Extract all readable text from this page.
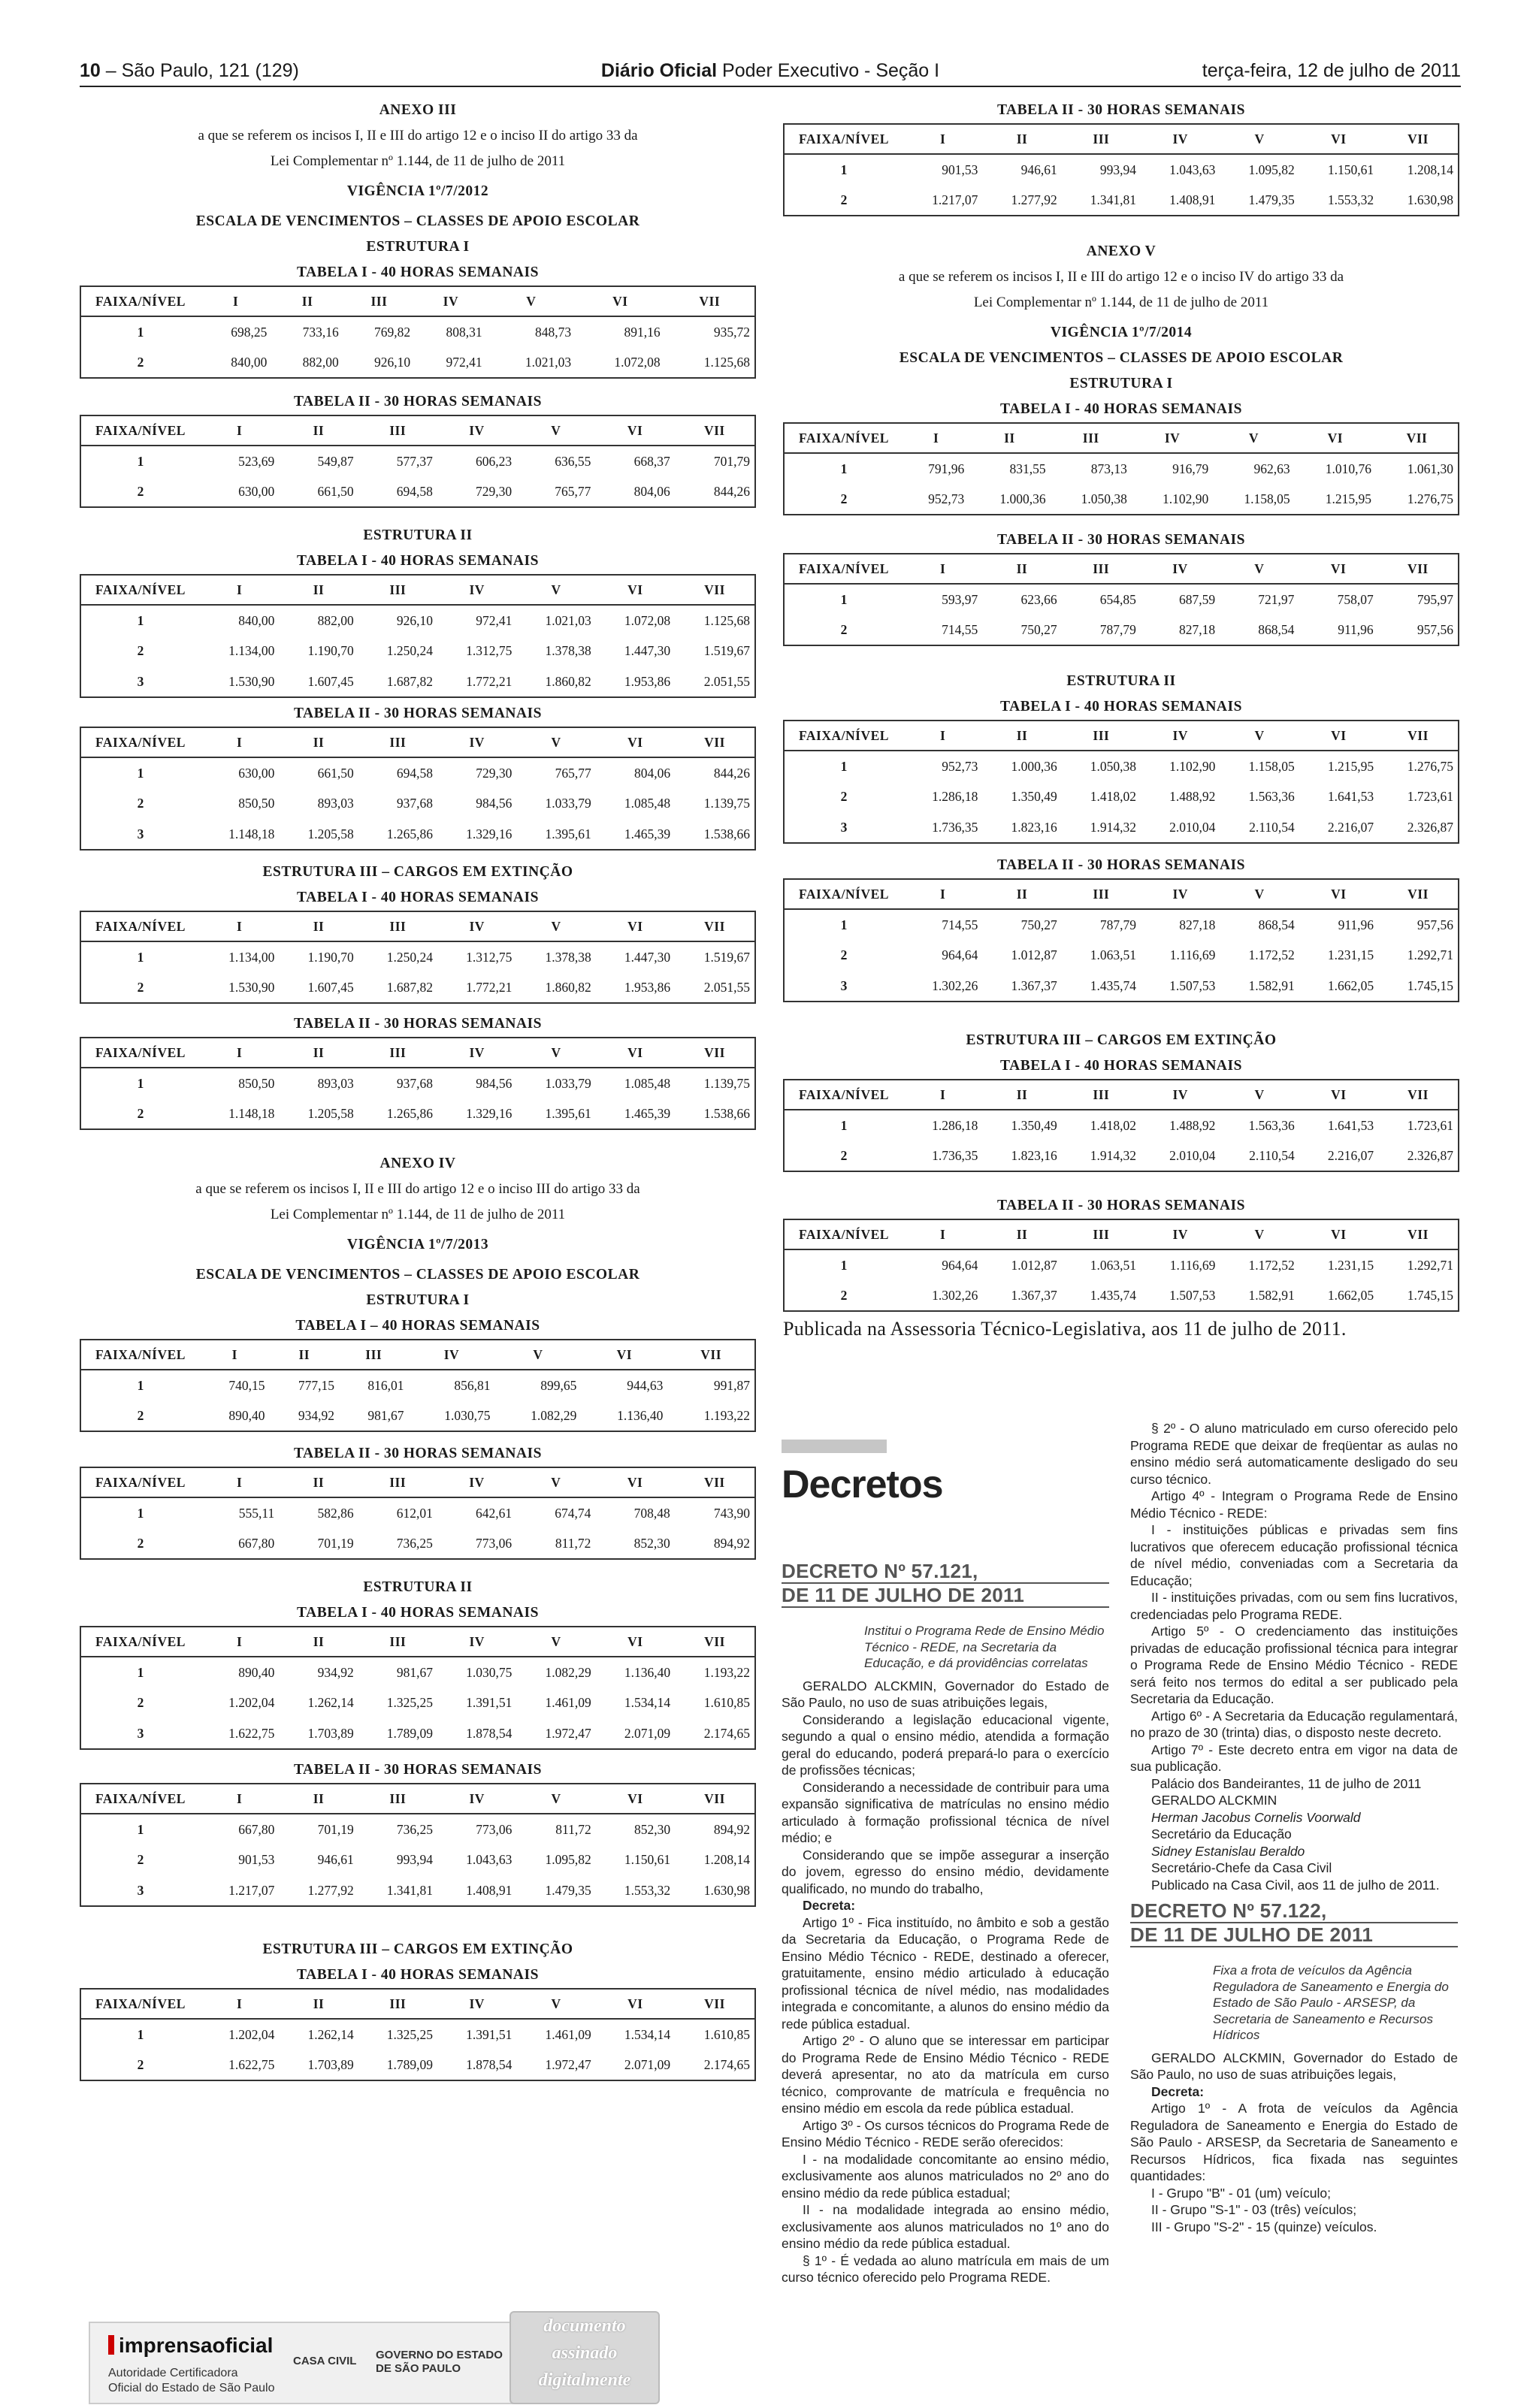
10 – São Paulo, 121 (129)	Diário Oficial Poder Executivo - Seção I	terça-feira, 12 de julho de 2011
ANEXO III
a que se referem os incisos I, II e III do artigo 12 e o inciso II do artigo 33 da
Lei Complementar nº 1.144, de 11 de julho de 2011
VIGÊNCIA 1º/7/2012
ESCALA DE VENCIMENTOS – CLASSES DE APOIO ESCOLAR
ESTRUTURA I
TABELA I - 40 HORAS SEMANAIS
FAIXA/NÍVEL	I	II	III	IV	V	VI	VII
1	698,25	733,16	769,82	808,31	848,73	891,16	935,72
2	840,00	882,00	926,10	972,41	1.021,03	1.072,08	1.125,68
TABELA II - 30 HORAS SEMANAIS
FAIXA/NÍVEL	I	II	III	IV	V	VI	VII
1	523,69	549,87	577,37	606,23	636,55	668,37	701,79
2	630,00	661,50	694,58	729,30	765,77	804,06	844,26
ESTRUTURA II
TABELA I - 40 HORAS SEMANAIS
FAIXA/NÍVEL	I	II	III	IV	V	VI	VII
1	840,00	882,00	926,10	972,41	1.021,03	1.072,08	1.125,68
2	1.134,00	1.190,70	1.250,24	1.312,75	1.378,38	1.447,30	1.519,67
3	1.530,90	1.607,45	1.687,82	1.772,21	1.860,82	1.953,86	2.051,55
TABELA II - 30 HORAS SEMANAIS
FAIXA/NÍVEL	I	II	III	IV	V	VI	VII
1	630,00	661,50	694,58	729,30	765,77	804,06	844,26
2	850,50	893,03	937,68	984,56	1.033,79	1.085,48	1.139,75
3	1.148,18	1.205,58	1.265,86	1.329,16	1.395,61	1.465,39	1.538,66
ESTRUTURA III – CARGOS EM EXTINÇÃO
TABELA I - 40 HORAS SEMANAIS
FAIXA/NÍVEL	I	II	III	IV	V	VI	VII
1	1.134,00	1.190,70	1.250,24	1.312,75	1.378,38	1.447,30	1.519,67
2	1.530,90	1.607,45	1.687,82	1.772,21	1.860,82	1.953,86	2.051,55
TABELA II - 30 HORAS SEMANAIS
FAIXA/NÍVEL	I	II	III	IV	V	VI	VII
1	850,50	893,03	937,68	984,56	1.033,79	1.085,48	1.139,75
2	1.148,18	1.205,58	1.265,86	1.329,16	1.395,61	1.465,39	1.538,66
ANEXO IV
a que se referem os incisos I, II e III do artigo 12 e o inciso III do artigo 33 da
Lei Complementar nº 1.144, de 11 de julho de 2011
VIGÊNCIA 1º/7/2013
ESCALA DE VENCIMENTOS – CLASSES DE APOIO ESCOLAR
ESTRUTURA I
TABELA I – 40 HORAS SEMANAIS
FAIXA/NÍVEL	I	II	III	IV	V	VI	VII
1	740,15	777,15	816,01	856,81	899,65	944,63	991,87
2	890,40	934,92	981,67	1.030,75	1.082,29	1.136,40	1.193,22
TABELA II - 30 HORAS SEMANAIS
FAIXA/NÍVEL	I	II	III	IV	V	VI	VII
1	555,11	582,86	612,01	642,61	674,74	708,48	743,90
2	667,80	701,19	736,25	773,06	811,72	852,30	894,92
ESTRUTURA II
TABELA I - 40 HORAS SEMANAIS
FAIXA/NÍVEL	I	II	III	IV	V	VI	VII
1	890,40	934,92	981,67	1.030,75	1.082,29	1.136,40	1.193,22
2	1.202,04	1.262,14	1.325,25	1.391,51	1.461,09	1.534,14	1.610,85
3	1.622,75	1.703,89	1.789,09	1.878,54	1.972,47	2.071,09	2.174,65
TABELA II - 30 HORAS SEMANAIS
FAIXA/NÍVEL	I	II	III	IV	V	VI	VII
1	667,80	701,19	736,25	773,06	811,72	852,30	894,92
2	901,53	946,61	993,94	1.043,63	1.095,82	1.150,61	1.208,14
3	1.217,07	1.277,92	1.341,81	1.408,91	1.479,35	1.553,32	1.630,98
ESTRUTURA III – CARGOS EM EXTINÇÃO
TABELA I - 40 HORAS SEMANAIS
FAIXA/NÍVEL	I	II	III	IV	V	VI	VII
1	1.202,04	1.262,14	1.325,25	1.391,51	1.461,09	1.534,14	1.610,85
2	1.622,75	1.703,89	1.789,09	1.878,54	1.972,47	2.071,09	2.174,65
TABELA II - 30 HORAS SEMANAIS
FAIXA/NÍVEL	I	II	III	IV	V	VI	VII
1	901,53	946,61	993,94	1.043,63	1.095,82	1.150,61	1.208,14
2	1.217,07	1.277,92	1.341,81	1.408,91	1.479,35	1.553,32	1.630,98
ANEXO V
a que se referem os incisos I, II e III do artigo 12 e o inciso IV do artigo 33 da
Lei Complementar nº 1.144, de 11 de julho de 2011
VIGÊNCIA 1º/7/2014
ESCALA DE VENCIMENTOS – CLASSES DE APOIO ESCOLAR
ESTRUTURA I
TABELA I - 40 HORAS SEMANAIS
FAIXA/NÍVEL	I	II	III	IV	V	VI	VII
1	791,96	831,55	873,13	916,79	962,63	1.010,76	1.061,30
2	952,73	1.000,36	1.050,38	1.102,90	1.158,05	1.215,95	1.276,75
TABELA II - 30 HORAS SEMANAIS
FAIXA/NÍVEL	I	II	III	IV	V	VI	VII
1	593,97	623,66	654,85	687,59	721,97	758,07	795,97
2	714,55	750,27	787,79	827,18	868,54	911,96	957,56
ESTRUTURA II
TABELA I - 40 HORAS SEMANAIS
FAIXA/NÍVEL	I	II	III	IV	V	VI	VII
1	952,73	1.000,36	1.050,38	1.102,90	1.158,05	1.215,95	1.276,75
2	1.286,18	1.350,49	1.418,02	1.488,92	1.563,36	1.641,53	1.723,61
3	1.736,35	1.823,16	1.914,32	2.010,04	2.110,54	2.216,07	2.326,87
TABELA II - 30 HORAS SEMANAIS
FAIXA/NÍVEL	I	II	III	IV	V	VI	VII
1	714,55	750,27	787,79	827,18	868,54	911,96	957,56
2	964,64	1.012,87	1.063,51	1.116,69	1.172,52	1.231,15	1.292,71
3	1.302,26	1.367,37	1.435,74	1.507,53	1.582,91	1.662,05	1.745,15
ESTRUTURA III – CARGOS EM EXTINÇÃO
TABELA I - 40 HORAS SEMANAIS
FAIXA/NÍVEL	I	II	III	IV	V	VI	VII
1	1.286,18	1.350,49	1.418,02	1.488,92	1.563,36	1.641,53	1.723,61
2	1.736,35	1.823,16	1.914,32	2.010,04	2.110,54	2.216,07	2.326,87
TABELA II - 30 HORAS SEMANAIS
FAIXA/NÍVEL	I	II	III	IV	V	VI	VII
1	964,64	1.012,87	1.063,51	1.116,69	1.172,52	1.231,15	1.292,71
2	1.302,26	1.367,37	1.435,74	1.507,53	1.582,91	1.662,05	1.745,15
Publicada na Assessoria Técnico-Legislativa, aos 11 de julho de 2011.
Decretos
DECRETO Nº 57.121,
DE 11 DE JULHO DE 2011
Institui o Programa Rede de Ensino Médio Técnico - REDE, na Secretaria da Educação, e dá providências correlatas
GERALDO ALCKMIN, Governador do Estado de São Paulo, no uso de suas atribuições legais,
Considerando a legislação educacional vigente, segundo a qual o ensino médio, atendida a formação geral do educando, poderá prepará-lo para o exercício de profissões técnicas;
Considerando a necessidade de contribuir para uma expansão significativa de matrículas no ensino médio articulado à formação profissional técnica de nível médio; e
Considerando que se impõe assegurar a inserção do jovem, egresso do ensino médio, devidamente qualificado, no mundo do trabalho,
Decreta:
Artigo 1º - Fica instituído, no âmbito e sob a gestão da Secretaria da Educação, o Programa Rede de Ensino Médio Técnico - REDE, destinado a oferecer, gratuitamente, ensino médio articulado à educação profissional técnica de nível médio, nas modalidades integrada e concomitante, a alunos do ensino médio da rede pública estadual.
Artigo 2º - O aluno que se interessar em participar do Programa Rede de Ensino Médio Técnico - REDE deverá apresentar, no ato da matrícula em curso técnico, comprovante de matrícula e frequência no ensino médio em escola da rede pública estadual.
Artigo 3º - Os cursos técnicos do Programa Rede de Ensino Médio Técnico - REDE serão oferecidos:
I - na modalidade concomitante ao ensino médio, exclusivamente aos alunos matriculados no 2º ano do ensino médio da rede pública estadual;
II - na modalidade integrada ao ensino médio, exclusivamente aos alunos matriculados no 1º ano do ensino médio da rede pública estadual.
§ 1º - É vedada ao aluno matrícula em mais de um curso técnico oferecido pelo Programa REDE.
§ 2º - O aluno matriculado em curso oferecido pelo Programa REDE que deixar de freqüentar as aulas no ensino médio será automaticamente desligado do seu curso técnico.
Artigo 4º - Integram o Programa Rede de Ensino Médio Técnico - REDE:
I - instituições públicas e privadas sem fins lucrativos que oferecem educação profissional técnica de nível médio, conveniadas com a Secretaria da Educação;
II - instituições privadas, com ou sem fins lucrativos, credenciadas pelo Programa REDE.
Artigo 5º - O credenciamento das instituições privadas de educação profissional técnica para integrar o Programa Rede de Ensino Médio Técnico - REDE será feito nos termos do edital a ser publicado pela Secretaria da Educação.
Artigo 6º - A Secretaria da Educação regulamentará, no prazo de 30 (trinta) dias, o disposto neste decreto.
Artigo 7º - Este decreto entra em vigor na data de sua publicação.
Palácio dos Bandeirantes, 11 de julho de 2011
GERALDO ALCKMIN
Herman Jacobus Cornelis Voorwald
Secretário da Educação
Sidney Estanislau Beraldo
Secretário-Chefe da Casa Civil
Publicado na Casa Civil, aos 11 de julho de 2011.
DECRETO Nº 57.122,
DE 11 DE JULHO DE 2011
Fixa a frota de veículos da Agência Reguladora de Saneamento e Energia do Estado de São Paulo - ARSESP, da Secretaria de Saneamento e Recursos Hídricos
GERALDO ALCKMIN, Governador do Estado de São Paulo, no uso de suas atribuições legais,
Decreta:
Artigo 1º - A frota de veículos da Agência Reguladora de Saneamento e Energia do Estado de São Paulo - ARSESP, da Secretaria de Saneamento e Recursos Hídricos, fica fixada nas seguintes quantidades:
I - Grupo "B" - 01 (um) veículo;
II - Grupo "S-1" - 03 (três) veículos;
III - Grupo "S-2" - 15 (quinze) veículos.
imprensaoficial
Autoridade Certificadora
Oficial do Estado de São Paulo
CASA CIVIL GOVERNO DO ESTADO
DE SÃO PAULO
documento
assinado
digitalmente
